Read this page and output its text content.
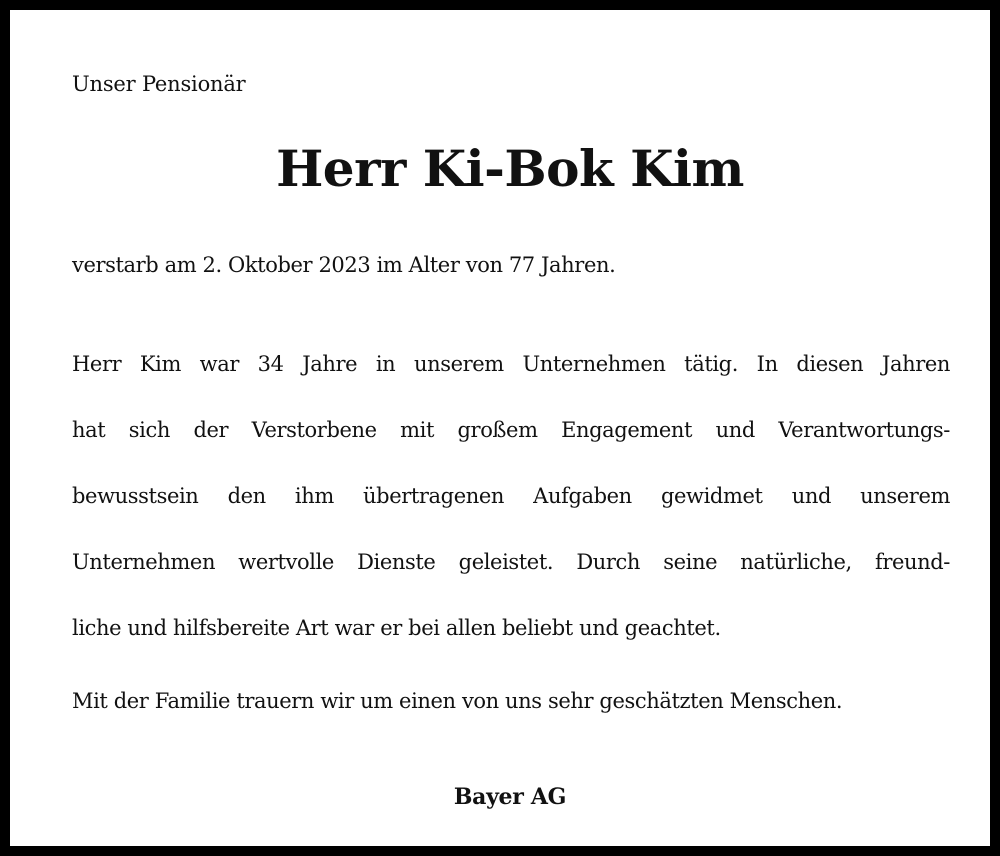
Unser Pensionär
Herr Ki-Bok Kim
verstarb am 2. Oktober 2023 im Alter von 77 Jahren.
Herr Kim war 34 Jahre in unserem Unternehmen tätig. In diesen Jahren
hat sich der Verstorbene mit großem Engagement und Verantwortungs-
bewusstsein den ihm übertragenen Aufgaben gewidmet und unserem
Unternehmen wertvolle Dienste geleistet. Durch seine natürliche, freund-
liche und hilfsbereite Art war er bei allen beliebt und geachtet.
Mit der Familie trauern wir um einen von uns sehr geschätzten Menschen.
Bayer AG
